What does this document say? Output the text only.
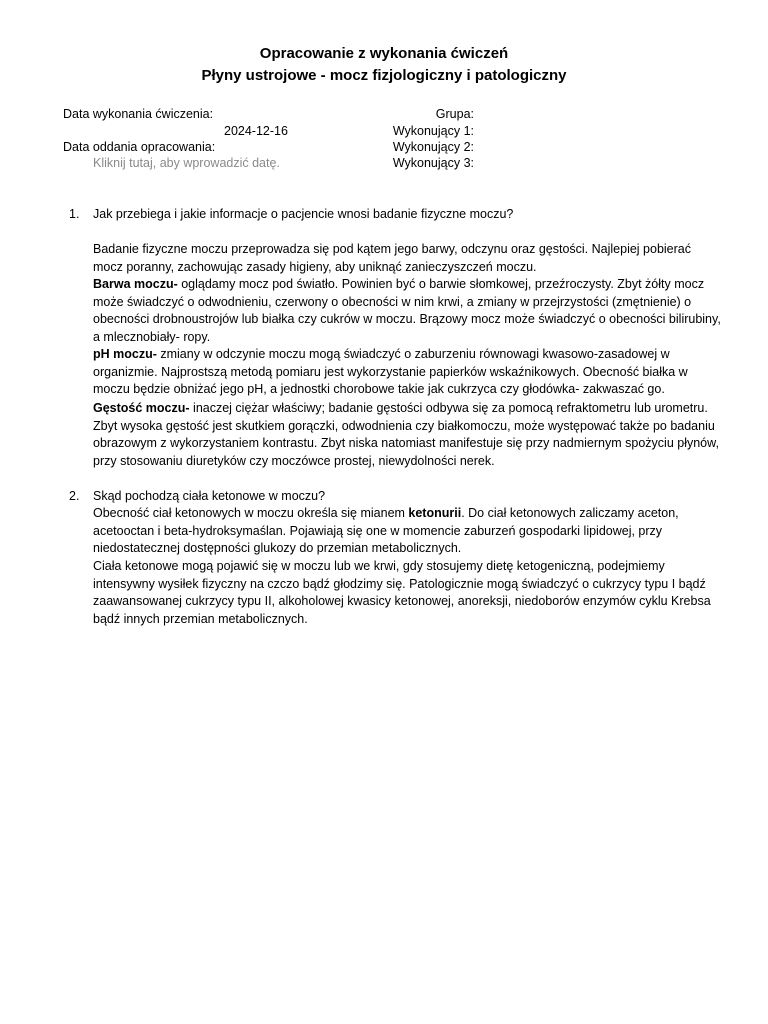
Opracowanie z wykonania ćwiczeń
Płyny ustrojowe - mocz fizjologiczny i patologiczny
Data wykonania ćwiczenia:
2024-12-16
Data oddania opracowania:
Kliknij tutaj, aby wprowadzić datę.
Grupa:
Wykonujący 1:
Wykonujący 2:
Wykonujący 3:
1. Jak przebiega i jakie informacje o pacjencie wnosi badanie fizyczne moczu?
Badanie fizyczne moczu przeprowadza się pod kątem jego barwy, odczynu oraz gęstości. Najlepiej pobierać mocz poranny, zachowując zasady higieny, aby uniknąć zanieczyszczeń moczu.
Barwa moczu- oglądamy mocz pod światło. Powinien być o barwie słomkowej, przeźroczysty. Zbyt żółty mocz może świadczyć o odwodnieniu, czerwony o obecności w nim krwi, a zmiany w przejrzystości (zmętnienie) o obecności drobnoustrojów lub białka czy cukrów w moczu. Brązowy mocz może świadczyć o obecności bilirubiny, a mlecznobiały- ropy.
pH moczu- zmiany w odczynie moczu mogą świadczyć o zaburzeniu równowagi kwasowo-zasadowej w organizmie. Najprostszą metodą pomiaru jest wykorzystanie papierków wskaźnikowych. Obecność białka w moczu będzie obniżać jego pH, a jednostki chorobowe takie jak cukrzyca czy głodówka- zakwaszać go.
Gęstość moczu- inaczej ciężar właściwy; badanie gęstości odbywa się za pomocą refraktometru lub urometru. Zbyt wysoka gęstość jest skutkiem gorączki, odwodnienia czy białkomoczu, może występować także po badaniu obrazowym z wykorzystaniem kontrastu. Zbyt niska natomiast manifestuje się przy nadmiernym spożyciu płynów, przy stosowaniu diuretyków czy moczówce prostej, niewydolności nerek.
2. Skąd pochodzą ciała ketonowe w moczu?
Obecność ciał ketonowych w moczu określa się mianem ketonurii. Do ciał ketonowych zaliczamy aceton, acetooctan i beta-hydroksymaślan. Pojawiają się one w momencie zaburzeń gospodarki lipidowej, przy niedostatecznej dostępności glukozy do przemian metabolicznych.
Ciała ketonowe mogą pojawić się w moczu lub we krwi, gdy stosujemy dietę ketogeniczną, podejmiemy intensywny wysiłek fizyczny na czczo bądź głodzimy się. Patologicznie mogą świadczyć o cukrzycy typu I bądź zaawansowanej cukrzycy typu II, alkoholowej kwasicy ketonowej, anoreksji, niedoborów enzymów cyklu Krebsa bądź innych przemian metabolicznych.
